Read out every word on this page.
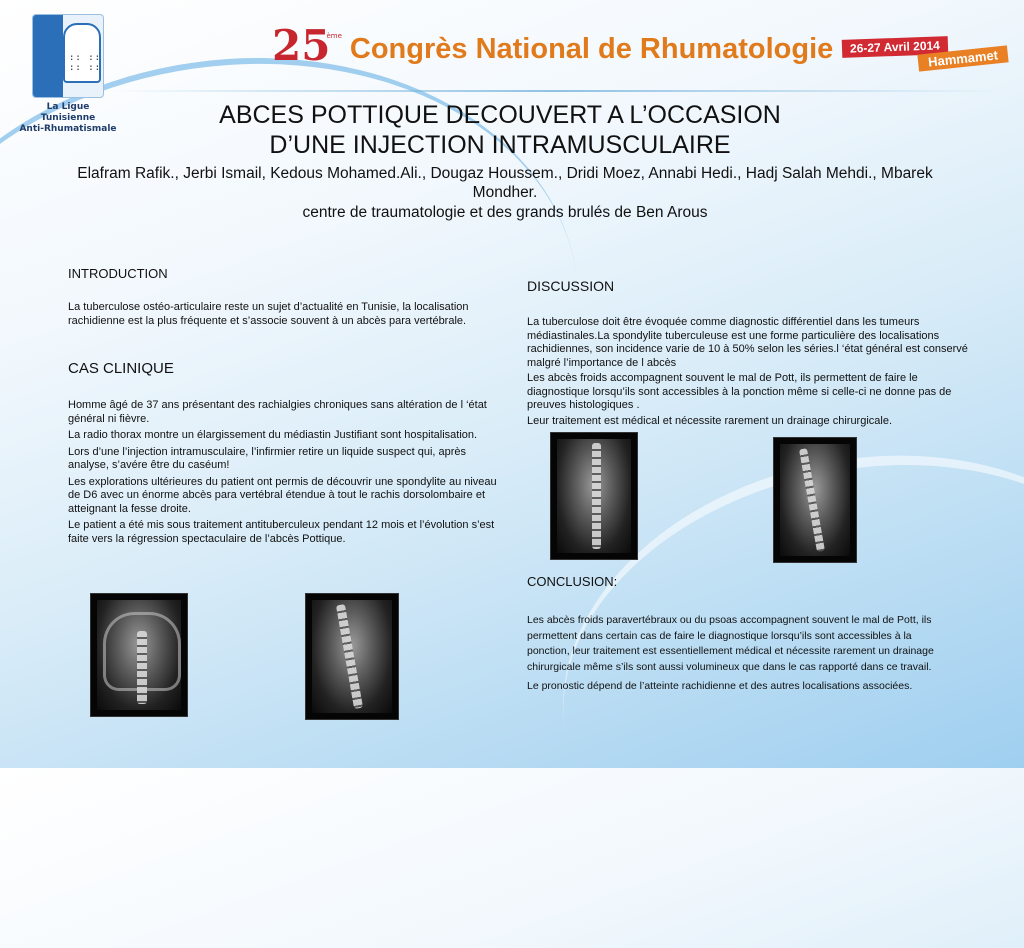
:: ::
:: ::
La Ligue Tunisienne
Anti-Rhumatismale
25
ème Congrès National de Rhumatologie	26-27 Avril 2014
Hammamet
ABCES POTTIQUE DECOUVERT A L’OCCASION
D’UNE INJECTION INTRAMUSCULAIRE
Elafram Rafik., Jerbi Ismail, Kedous Mohamed.Ali., Dougaz Houssem., Dridi Moez, Annabi Hedi., Hadj Salah Mehdi., Mbarek Mondher.
centre de traumatologie et des grands brulés de Ben Arous
INTRODUCTION

La tuberculose ostéo-articulaire reste un sujet d’actualité en Tunisie, la localisation rachidienne est la plus fréquente et s’associe souvent à un abcès para vertébrale.

CAS CLINIQUE

Homme âgé de 37 ans présentant des rachialgies chroniques sans altération de l ‘état général ni fièvre.

La radio thorax montre un élargissement du médiastin Justifiant sont hospitalisation.

Lors d’une l’injection intramusculaire, l’infirmier retire un liquide suspect qui, après analyse, s’avére être du caséum!

Les explorations ultérieures du patient ont permis de découvrir une spondylite au niveau de D6 avec un énorme abcès para vertébral étendue à tout le rachis dorsolombaire et atteignant la fesse droite.

Le patient a été mis sous traitement antituberculeux pendant 12 mois et l’évolution s’est faite vers la régression spectaculaire de l’abcès Pottique.

DISCUSSION

La tuberculose doit être évoquée comme diagnostic différentiel dans les tumeurs médiastinales.La spondylite tuberculeuse est une forme particulière des localisations rachidiennes, son incidence varie de 10 à 50% selon les séries.l ‘état général est conservé malgré l’importance de l abcès

Les abcès froids accompagnent souvent le mal de Pott, ils permettent de faire le diagnostique lorsqu’ils sont accessibles à la ponction même si celle-ci ne donne pas de preuves histologiques .

Leur traitement est médical et nécessite rarement un drainage chirurgicale.

CONCLUSION:

Les abcès froids paravertébraux ou du psoas accompagnent souvent le mal de Pott, ils permettent dans certain cas de faire le diagnostique lorsqu’ils sont accessibles à la ponction, leur traitement est essentiellement médical et nécessite rarement un drainage chirurgicale même s’ils sont aussi volumineux que dans le cas rapporté dans ce travail.

Le pronostic dépend de l’atteinte rachidienne et des autres localisations associées.
